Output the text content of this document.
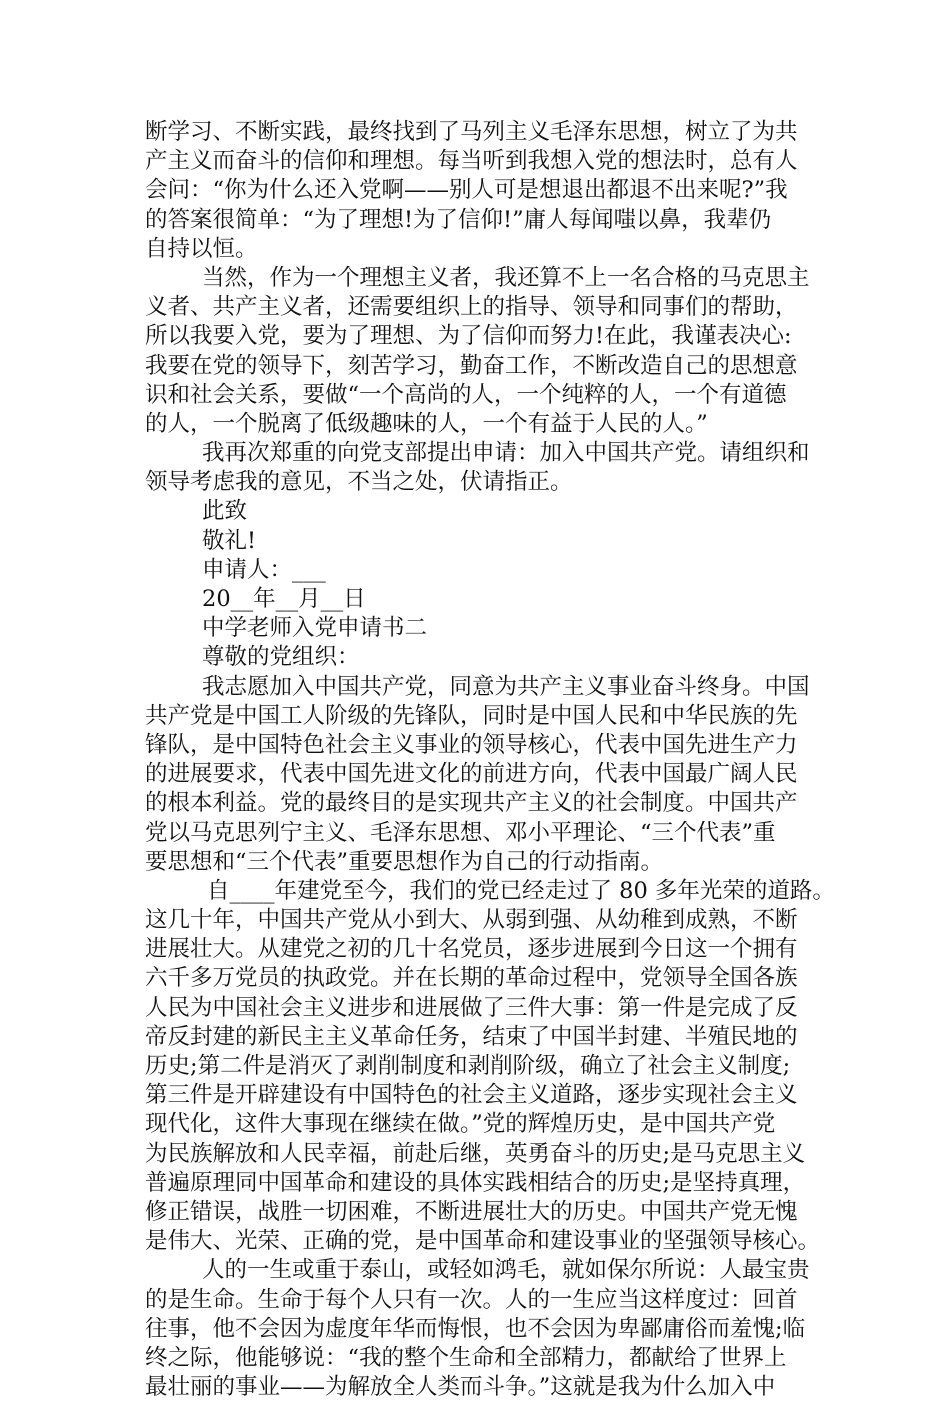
断学习、不断实践，最终找到了马列主义毛泽东思想，树立了为共
产主义而奋斗的信仰和理想。每当听到我想入党的想法时，总有人
会问：“你为什么还入党啊——别人可是想退出都退不出来呢?”我
的答案很简单：“为了理想!为了信仰!”庸人每闻嗤以鼻，我辈仍
自持以恒。
当然，作为一个理想主义者，我还算不上一名合格的马克思主
义者、共产主义者，还需要组织上的指导、领导和同事们的帮助，
所以我要入党，要为了理想、为了信仰而努力!在此，我谨表决心:
我要在党的领导下，刻苦学习，勤奋工作，不断改造自己的思想意
识和社会关系，要做“一个高尚的人，一个纯粹的人，一个有道德
的人，一个脱离了低级趣味的人，一个有益于人民的人。”
我再次郑重的向党支部提出申请：加入中国共产党。请组织和
领导考虑我的意见，不当之处，伏请指正。
此致
敬礼!
申请人：___
20__年__月__日
中学老师入党申请书二
尊敬的党组织：
我志愿加入中国共产党，同意为共产主义事业奋斗终身。中国
共产党是中国工人阶级的先锋队，同时是中国人民和中华民族的先
锋队，是中国特色社会主义事业的领导核心，代表中国先进生产力
的进展要求，代表中国先进文化的前进方向，代表中国最广阔人民
的根本利益。党的最终目的是实现共产主义的社会制度。中国共产
党以马克思列宁主义、毛泽东思想、邓小平理论、“三个代表”重
要思想和“三个代表”重要思想作为自己的行动指南。
自____年建党至今，我们的党已经走过了 80 多年光荣的道路。
这几十年，中国共产党从小到大、从弱到强、从幼稚到成熟，不断
进展壮大。从建党之初的几十名党员，逐步进展到今日这一个拥有
六千多万党员的执政党。并在长期的革命过程中，党领导全国各族
人民为中国社会主义进步和进展做了三件大事：第一件是完成了反
帝反封建的新民主主义革命任务，结束了中国半封建、半殖民地的
历史;第二件是消灭了剥削制度和剥削阶级，确立了社会主义制度;
第三件是开辟建设有中国特色的社会主义道路，逐步实现社会主义
现代化，这件大事现在继续在做。”党的辉煌历史，是中国共产党
为民族解放和人民幸福，前赴后继，英勇奋斗的历史;是马克思主义
普遍原理同中国革命和建设的具体实践相结合的历史;是坚持真理，
修正错误，战胜一切困难，不断进展壮大的历史。中国共产党无愧
是伟大、光荣、正确的党，是中国革命和建设事业的坚强领导核心。
人的一生或重于泰山，或轻如鸿毛，就如保尔所说：人最宝贵
的是生命。生命于每个人只有一次。人的一生应当这样度过：回首
往事，他不会因为虚度年华而悔恨，也不会因为卑鄙庸俗而羞愧;临
终之际，他能够说：“我的整个生命和全部精力，都献给了世界上
最壮丽的事业——为解放全人类而斗争。”这就是我为什么加入中
